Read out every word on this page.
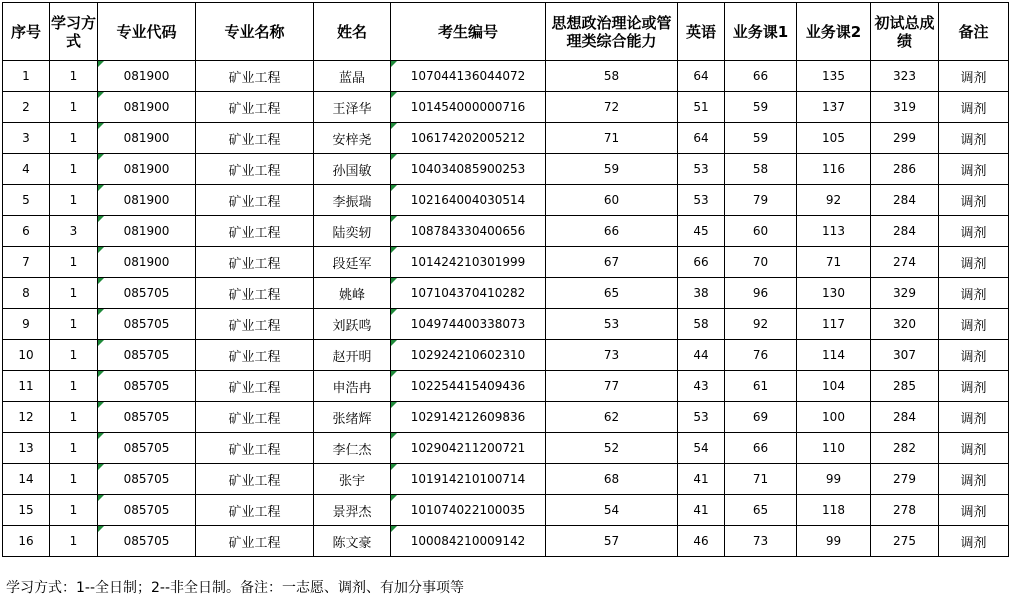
序号	学习方式	专业代码	专业名称	姓名	考生编号	思想政治理论或管理类综合能力	英语	业务课1	业务课2	初试总成绩	备注
1	1	081900	矿业工程	蓝晶	107044136044072	58	64	66	135	323	调剂
2	1	081900	矿业工程	王泽华	101454000000716	72	51	59	137	319	调剂
3	1	081900	矿业工程	安梓尧	106174202005212	71	64	59	105	299	调剂
4	1	081900	矿业工程	孙国敏	104034085900253	59	53	58	116	286	调剂
5	1	081900	矿业工程	李振瑞	102164004030514	60	53	79	92	284	调剂
6	3	081900	矿业工程	陆奕轫	108784330400656	66	45	60	113	284	调剂
7	1	081900	矿业工程	段廷军	101424210301999	67	66	70	71	274	调剂
8	1	085705	矿业工程	姚峰	107104370410282	65	38	96	130	329	调剂
9	1	085705	矿业工程	刘跃鸣	104974400338073	53	58	92	117	320	调剂
10	1	085705	矿业工程	赵开明	102924210602310	73	44	76	114	307	调剂
11	1	085705	矿业工程	申浩冉	102254415409436	77	43	61	104	285	调剂
12	1	085705	矿业工程	张绪辉	102914212609836	62	53	69	100	284	调剂
13	1	085705	矿业工程	李仁杰	102904211200721	52	54	66	110	282	调剂
14	1	085705	矿业工程	张宇	101914210100714	68	41	71	99	279	调剂
15	1	085705	矿业工程	景羿杰	101074022100035	54	41	65	118	278	调剂
16	1	085705	矿业工程	陈文豪	100084210009142	57	46	73	99	275	调剂
学习方式：1--全日制；2--非全日制。备注：一志愿、调剂、有加分事项等
